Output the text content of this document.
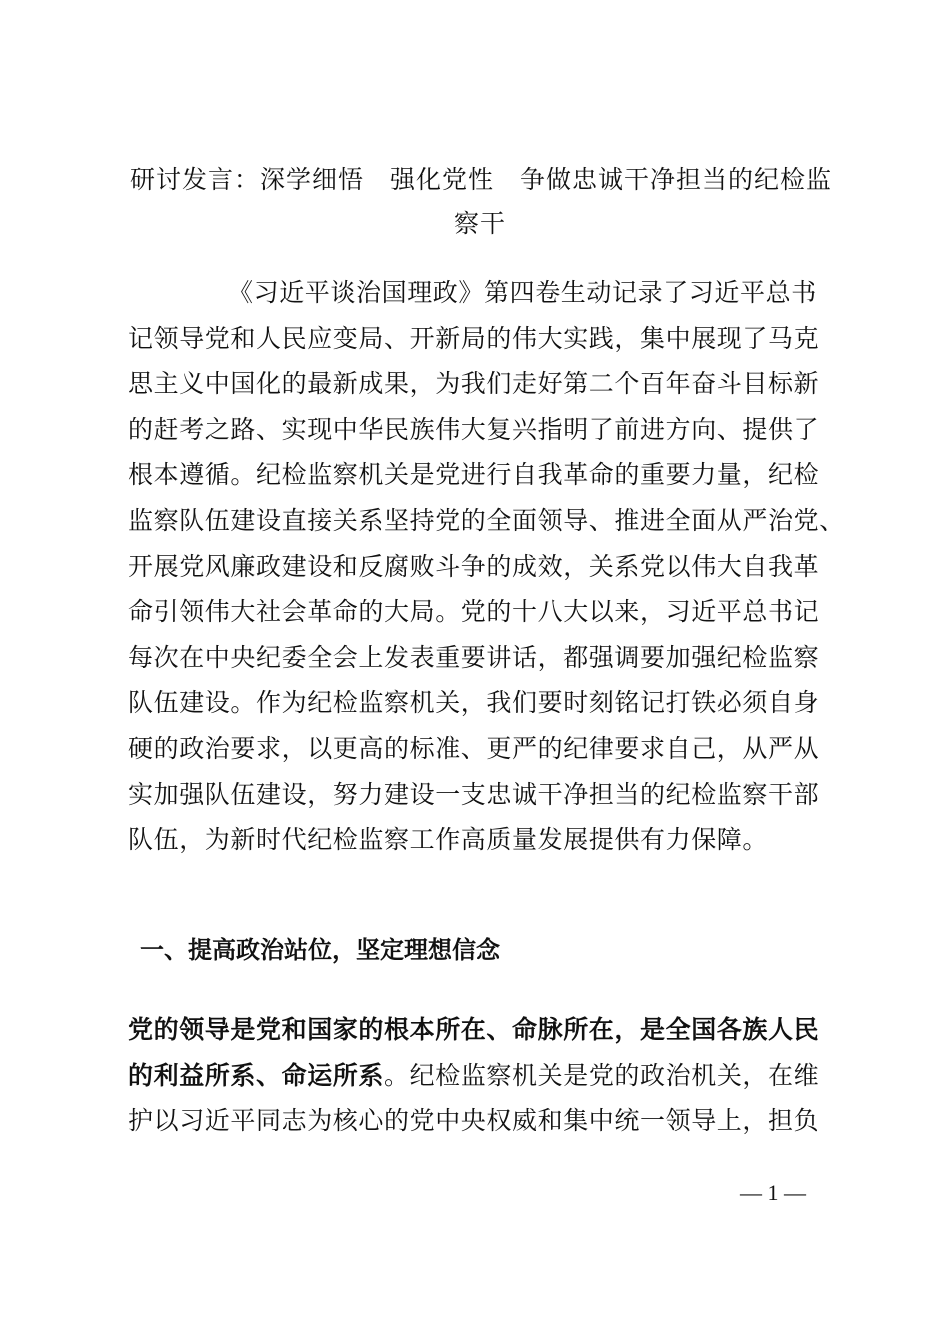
研讨发言：深学细悟　强化党性　争做忠诚干净担当的纪检监
察干
《习近平谈治国理政》第四卷生动记录了习近平总书
记领导党和人民应变局、开新局的伟大实践，集中展现了马克
思主义中国化的最新成果，为我们走好第二个百年奋斗目标新
的赶考之路、实现中华民族伟大复兴指明了前进方向、提供了
根本遵循。纪检监察机关是党进行自我革命的重要力量，纪检
监察队伍建设直接关系坚持党的全面领导、推进全面从严治党、
开展党风廉政建设和反腐败斗争的成效，关系党以伟大自我革
命引领伟大社会革命的大局。党的十八大以来，习近平总书记
每次在中央纪委全会上发表重要讲话，都强调要加强纪检监察
队伍建设。作为纪检监察机关，我们要时刻铭记打铁必须自身
硬的政治要求，以更高的标准、更严的纪律要求自己，从严从
实加强队伍建设，努力建设一支忠诚干净担当的纪检监察干部
队伍，为新时代纪检监察工作高质量发展提供有力保障。
一、提高政治站位，坚定理想信念
党的领导是党和国家的根本所在、命脉所在，是全国各族人民
的利益所系、命运所系。纪检监察机关是党的政治机关，在维
护以习近平同志为核心的党中央权威和集中统一领导上，担负
— 1 —
